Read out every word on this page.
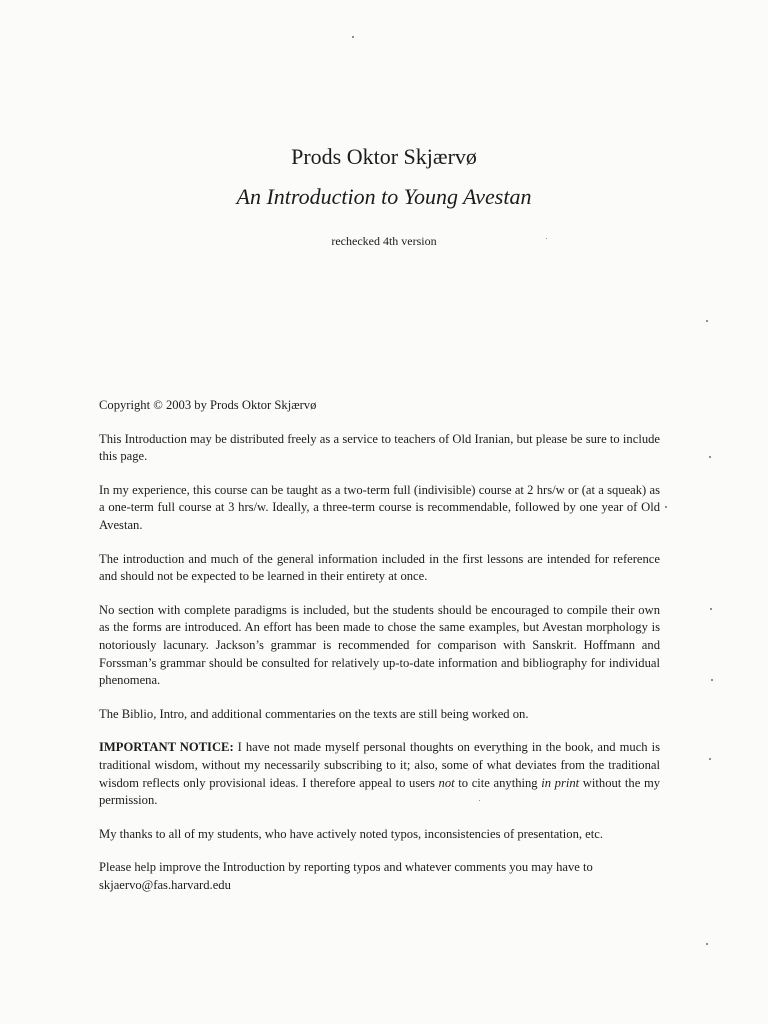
Prods Oktor Skjærvø
An Introduction to Young Avestan
rechecked 4th version

Copyright © 2003 by Prods Oktor Skjærvø

This Introduction may be distributed freely as a service to teachers of Old Iranian, but please be sure to include this page.

In my experience, this course can be taught as a two-term full (indivisible) course at 2 hrs/w or (at a squeak) as a one-term full course at 3 hrs/w. Ideally, a three-term course is recommendable, followed by one year of Old Avestan.

The introduction and much of the general information included in the first lessons are intended for reference and should not be expected to be learned in their entirety at once.

No section with complete paradigms is included, but the students should be encouraged to compile their own as the forms are introduced. An effort has been made to chose the same examples, but Avestan morphology is notoriously lacunary. Jackson’s grammar is recommended for comparison with Sanskrit. Hoffmann and Forssman’s grammar should be consulted for relatively up-to-date information and bibliography for individual phenomena.

The Biblio, Intro, and additional commentaries on the texts are still being worked on.

IMPORTANT NOTICE: I have not made myself personal thoughts on everything in the book, and much is traditional wisdom, without my necessarily subscribing to it; also, some of what deviates from the traditional wisdom reflects only provisional ideas. I therefore appeal to users not to cite anything in print without the my permission.

My thanks to all of my students, who have actively noted typos, inconsistencies of presentation, etc.

Please help improve the Introduction by reporting typos and whatever comments you may have to
skjaervo@fas.harvard.edu
